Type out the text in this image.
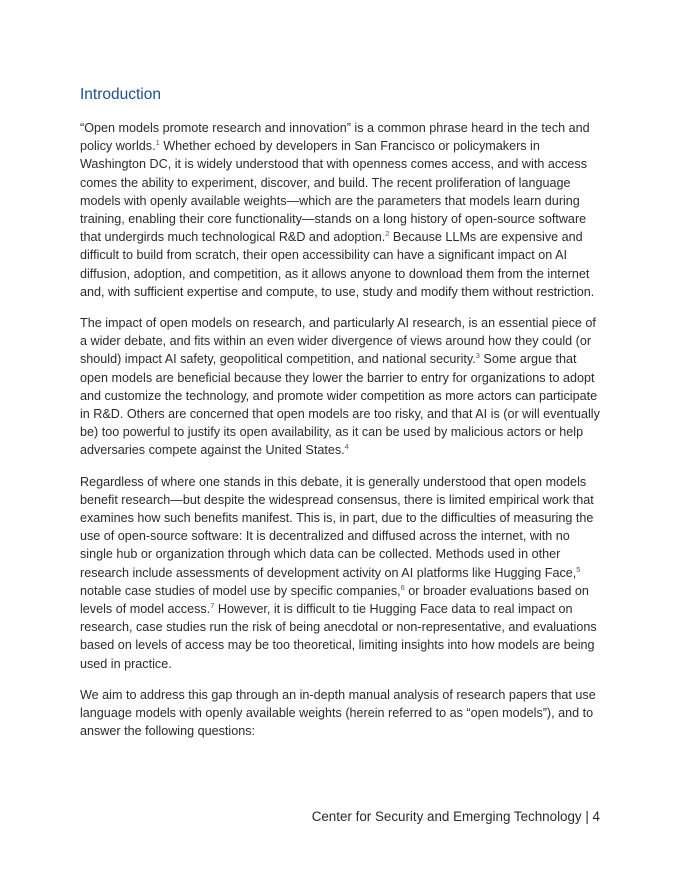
Introduction

“Open models promote research and innovation” is a common phrase heard in the tech and policy worlds.$^1$ Whether echoed by developers in San Francisco or policymakers in Washington DC, it is widely understood that with openness comes access, and with access comes the ability to experiment, discover, and build. The recent proliferation of language models with openly available weights—which are the parameters that models learn during training, enabling their core functionality—stands on a long history of open-source software that undergirds much technological R&D and adoption.$^2$ Because LLMs are expensive and difficult to build from scratch, their open accessibility can have a significant impact on AI diffusion, adoption, and competition, as it allows anyone to download them from the internet and, with sufficient expertise and compute, to use, study and modify them without restriction.

The impact of open models on research, and particularly AI research, is an essential piece of a wider debate, and fits within an even wider divergence of views around how they could (or should) impact AI safety, geopolitical competition, and national security.$^3$ Some argue that open models are beneficial because they lower the barrier to entry for organizations to adopt and customize the technology, and promote wider competition as more actors can participate in R&D. Others are concerned that open models are too risky, and that AI is (or will eventually be) too powerful to justify its open availability, as it can be used by malicious actors or help adversaries compete against the United States.$^4$

Regardless of where one stands in this debate, it is generally understood that open models benefit research—but despite the widespread consensus, there is limited empirical work that examines how such benefits manifest. This is, in part, due to the difficulties of measuring the use of open-source software: It is decentralized and diffused across the internet, with no single hub or organization through which data can be collected. Methods used in other research include assessments of development activity on AI platforms like Hugging Face,$^5$ notable case studies of model use by specific companies,$^6$ or broader evaluations based on levels of model access.$^7$ However, it is difficult to tie Hugging Face data to real impact on research, case studies run the risk of being anecdotal or non-representative, and evaluations based on levels of access may be too theoretical, limiting insights into how models are being used in practice.

We aim to address this gap through an in-depth manual analysis of research papers that use language models with openly available weights (herein referred to as “open models”), and to answer the following questions:

Center for Security and Emerging Technology | 4
